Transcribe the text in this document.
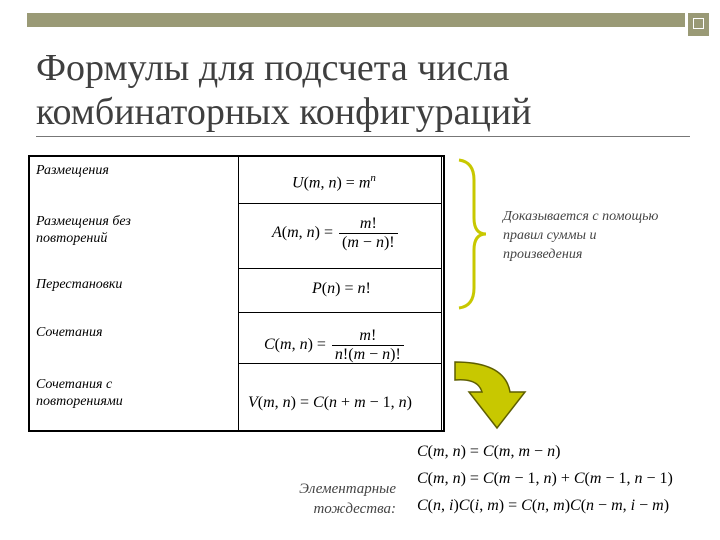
Формулы для подсчета числа
комбинаторных конфигураций
Размещения
Размещения без
повторений
Перестановки
Сочетания
Сочетания с
повторениями
U(m, $n) = m^n$
A(m, $n) = \frac{m!}{(m - n)!}$
P(n) = n!
C(m, $n) = \frac{m!}{n!(m - n)!}$
V(m, n) = C(n + m − 1, n)
Доказывается с помощью
правил суммы и
произведения
Элементарные
тождества:
C(m, n) = C(m, m − n)
C(m, n) = C(m − 1, n) + C(m − 1, n − 1)
C(n, i)C(i, m) = C(n, m)C(n − m, i − m)
